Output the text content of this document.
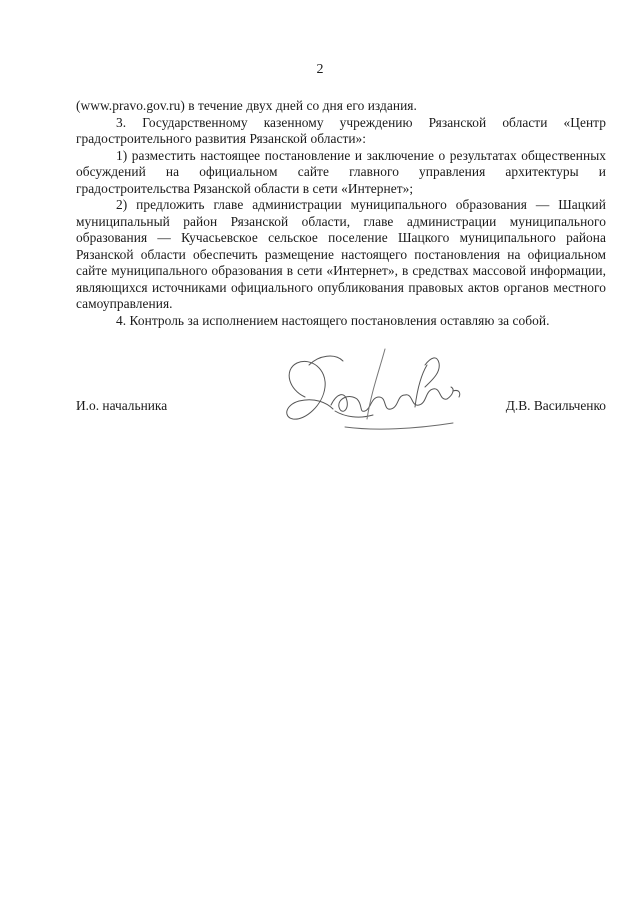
2

(www.pravo.gov.ru) в течение двух дней со дня его издания.

3. Государственному казенному учреждению Рязанской области «Центр градостроительного развития Рязанской области»:

1) разместить настоящее постановление и заключение о результатах общественных обсуждений на официальном сайте главного управления архитектуры и градостроительства Рязанской области в сети «Интернет»;

2) предложить главе администрации муниципального образования — Шацкий муниципальный район Рязанской области, главе администрации муниципального образования — Кучасьевское сельское поселение Шацкого муниципального района Рязанской области обеспечить размещение настоящего постановления на официальном сайте муниципального образования в сети «Интернет», в средствах массовой информации, являющихся источниками официального опубликования правовых актов органов местного самоуправления.

4. Контроль за исполнением настоящего постановления оставляю за собой.

И.о. начальника	Д.В. Васильченко
